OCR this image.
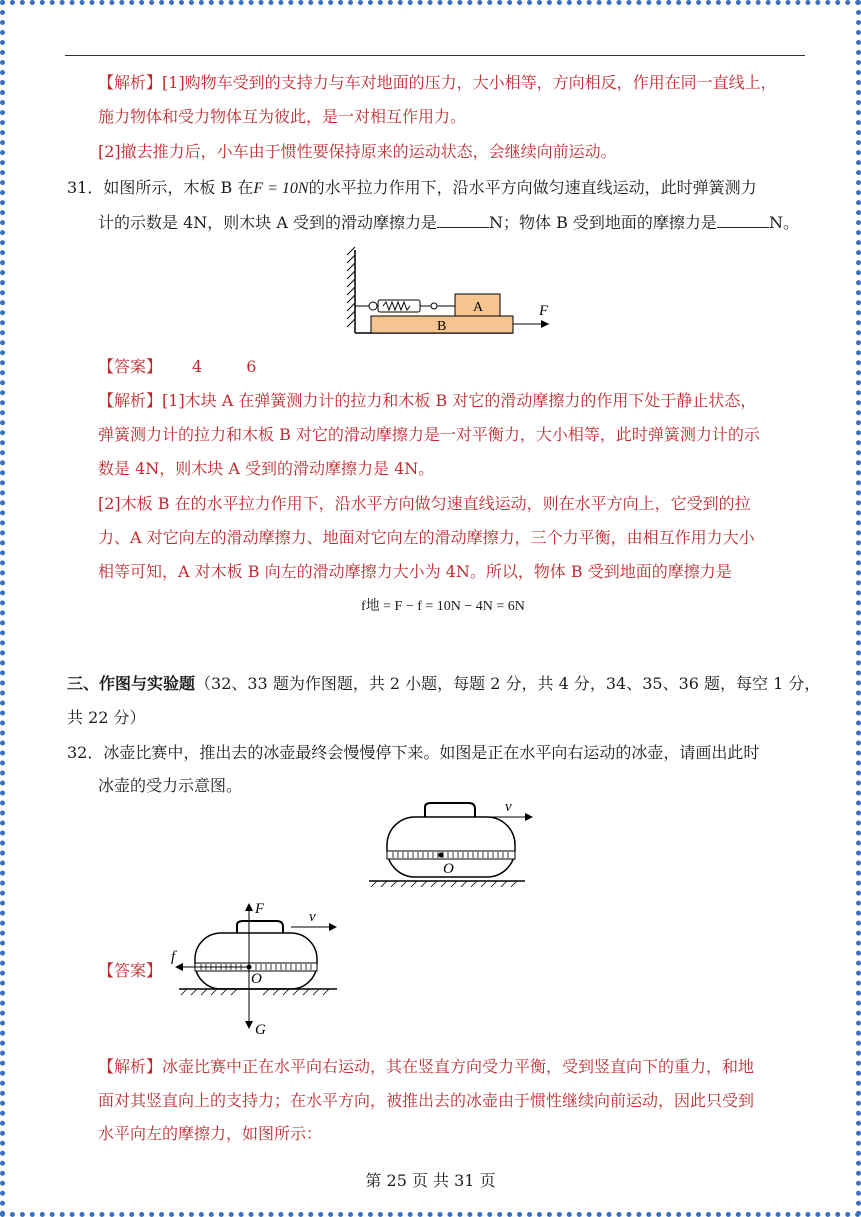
【解析】[1]购物车受到的支持力与车对地面的压力，大小相等，方向相反，作用在同一直线上，
施力物体和受力物体互为彼此，是一对相互作用力。
[2]撤去推力后，小车由于惯性要保持原来的运动状态，会继续向前运动。
31．如图所示，木板 B 在F = 10N的水平拉力作用下，沿水平方向做匀速直线运动，此时弹簧测力
计的示数是 4N，则木块 A 受到的滑动摩擦力是	N；物体 B 受到地面的摩擦力是	N。
A
B
F
【答案】 4	6
【解析】[1]木块 A 在弹簧测力计的拉力和木板 B 对它的滑动摩擦力的作用下处于静止状态，
弹簧测力计的拉力和木板 B 对它的滑动摩擦力是一对平衡力，大小相等，此时弹簧测力计的示
数是 4N，则木块 A 受到的滑动摩擦力是 4N。
[2]木板 B 在的水平拉力作用下，沿水平方向做匀速直线运动，则在水平方向上，它受到的拉
力、A 对它向左的滑动摩擦力、地面对它向左的滑动摩擦力，三个力平衡，由相互作用力大小
相等可知，A 对木板 B 向左的滑动摩擦力大小为 4N。所以，物体 B 受到地面的摩擦力是
f地 = F − f = 10N − 4N = 6N
三、作图与实验题（32、33 题为作图题，共 2 小题，每题 2 分，共 4 分，34、35、36 题，每空 1 分，
共 22 分）
32．冰壶比赛中，推出去的冰壶最终会慢慢停下来。如图是正在水平向右运动的冰壶，请画出此时
冰壶的受力示意图。
O
v
【答案】
F
G
f
O
v
【解析】冰壶比赛中正在水平向右运动，其在竖直方向受力平衡，受到竖直向下的重力，和地
面对其竖直向上的支持力；在水平方向，被推出去的冰壶由于惯性继续向前运动，因此只受到
水平向左的摩擦力，如图所示：
第 25 页 共 31 页
